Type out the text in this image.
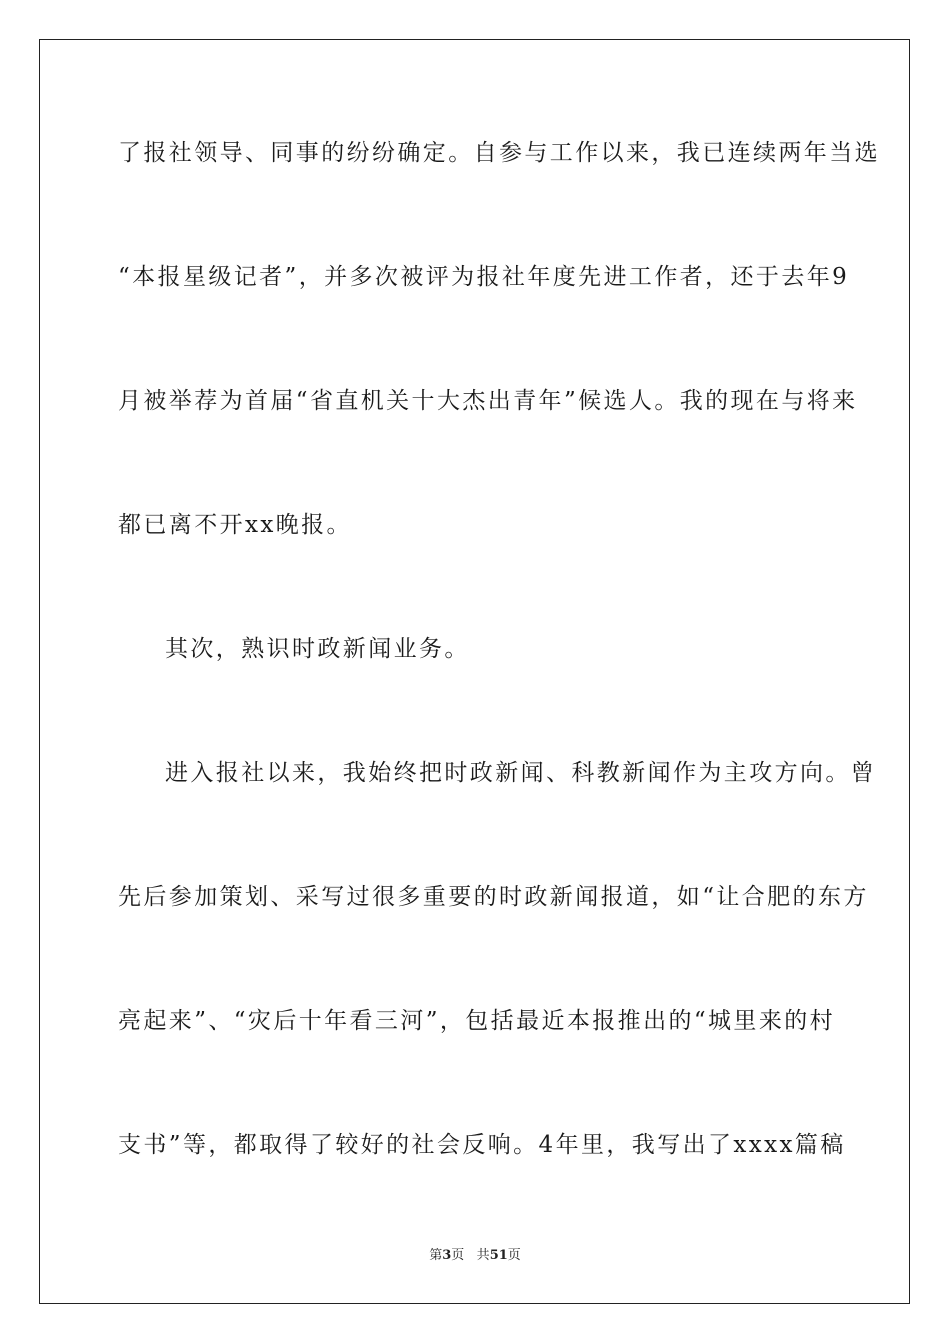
了报社领导、同事的纷纷确定。自参与工作以来，我已连续两年当选
“本报星级记者”，并多次被评为报社年度先进工作者，还于去年9
月被举荐为首届“省直机关十大杰出青年”候选人。我的现在与将来
都已离不开xx晚报。
其次，熟识时政新闻业务。
进入报社以来，我始终把时政新闻、科教新闻作为主攻方向。曾
先后参加策划、采写过很多重要的时政新闻报道，如“让合肥的东方
亮起来”、“灾后十年看三河”，包括最近本报推出的“城里来的村
支书”等，都取得了较好的社会反响。4年里，我写出了xxxx篇稿
第3页 共51页
